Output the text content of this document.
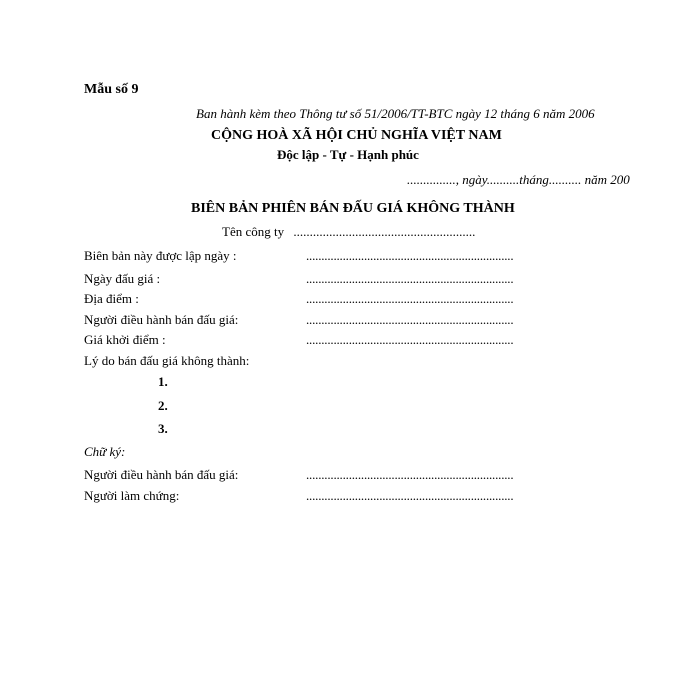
Mẫu số 9
Ban hành kèm theo Thông tư số 51/2006/TT-BTC ngày 12 tháng 6 năm 2006
CỘNG HOÀ XÃ HỘI CHỦ NGHĨA VIỆT NAM
Độc lập - Tự - Hạnh phúc
..............., ngày..........tháng.......... năm 200
BIÊN BẢN PHIÊN BÁN ĐẤU GIÁ KHÔNG THÀNH
Tên công ty ........................................................
Biên bản này được lập ngày :	....................................................................
Ngày đấu giá :	....................................................................
Địa điểm :	....................................................................
Người điều hành bán đấu giá:	....................................................................
Giá khởi điểm :	....................................................................
Lý do bán đấu giá không thành:
1.
2.
3.
Chữ ký:
Người điều hành bán đấu giá:	....................................................................
Người làm chứng:	....................................................................
